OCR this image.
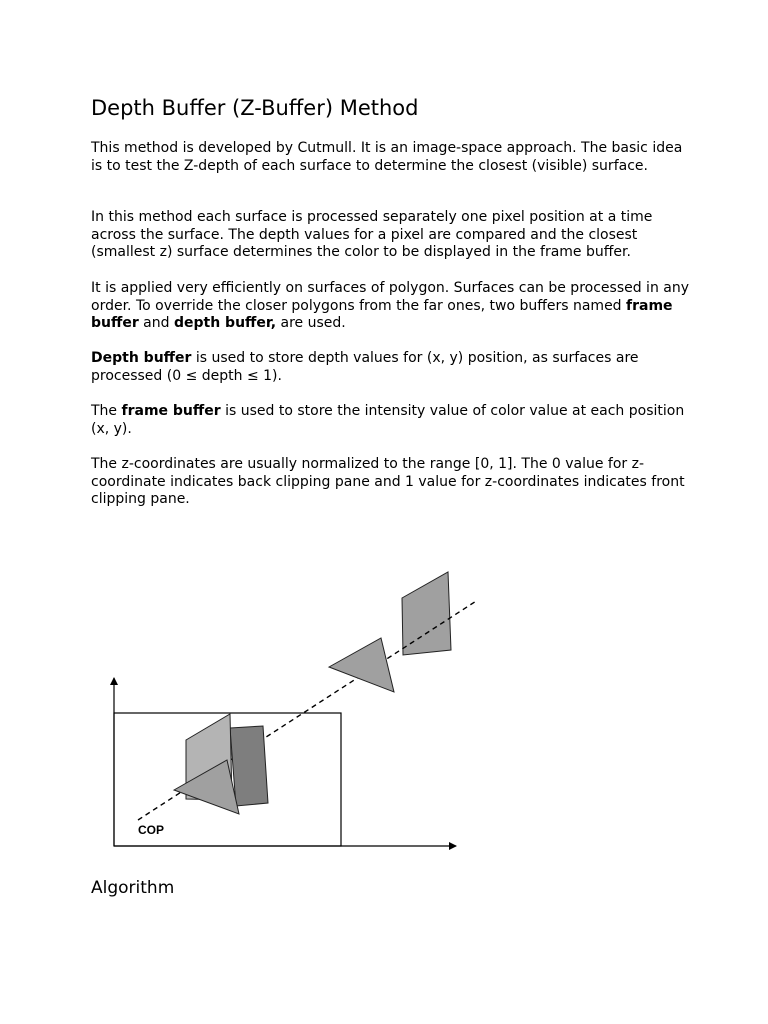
Depth Buffer (Z-Buffer) Method

This method is developed by Cutmull. It is an image-space approach. The basic idea is to test the Z-depth of each surface to determine the closest (visible) surface.

In this method each surface is processed separately one pixel position at a time across the surface. The depth values for a pixel are compared and the closest (smallest z) surface determines the color to be displayed in the frame buffer.

It is applied very efficiently on surfaces of polygon. Surfaces can be processed in any order. To override the closer polygons from the far ones, two buffers named frame buffer and depth buffer, are used.

Depth buffer is used to store depth values for (x, y) position, as surfaces are processed (0 ≤ depth ≤ 1).

The frame buffer is used to store the intensity value of color value at each position (x, y).

The z-coordinates are usually normalized to the range [0, 1]. The 0 value for z-coordinate indicates back clipping pane and 1 value for z-coordinates indicates front clipping pane.

COP
Algorithm
